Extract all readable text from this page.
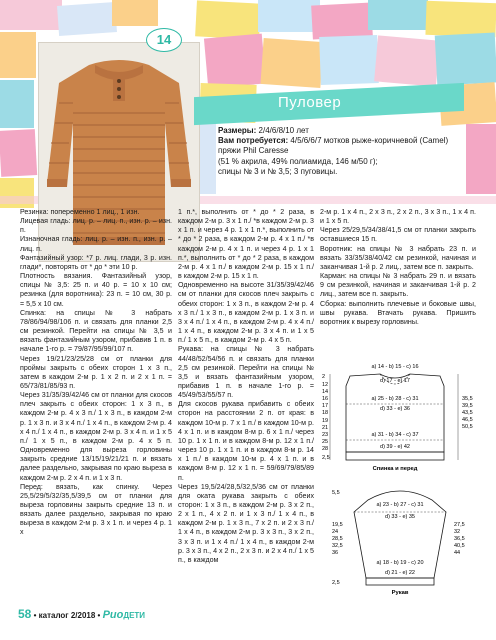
14
Пуловер
Размеры: 2/4/6/8/10 лет
Вам потребуется: 4/5/6/6/7 мотков рыже-коричневой (Camel) пряжи Phil Caresse
(51 % акрила, 49% полиамида, 146 м/50 г);
спицы № 3 и № 3,5; 3 пуговицы.

Резинка: попеременно 1 лиц., 1 изн.

Лицевая гладь: лиц. р. – лиц. п., изн. р. – изн. п.

Изнаночная гладь: лиц. р. – изн. п., изн. р. – лиц. п.

Фантазийный узор: *7 р. лиц. глади, 3 р. изн. глади*, повторять от * до * эти 10 р.

Плотность вязания. Фантазийный узор, спицы № 3,5: 25 п. и 40 р. = 10 х 10 см; резинка (для воротника): 23 п. = 10 см, 30 р. = 5,5 х 10 см.

Спинка: на спицы № 3 набрать 78/86/94/98/106 п. и связать для планки 2,5 см резинкой. Перейти на спицы № 3,5 и вязать фантазийным узором, прибавив 1 п. в начале 1-го р. = 79/87/95/99/107 п.

Через 19/21/23/25/28 см от планки для проймы закрыть с обеих сторон 1 х 3 п., затем в каждом 2-м р. 1 х 2 п. и 2 х 1 п. = 65/73/81/85/93 п.

Через 31/35/39/42/46 см от планки для скосов плеч закрыть с обеих сторон: 1 х 3 п., в каждом 2-м р. 4 х 3 п./ 1 х 3 п., в каждом 2-м р. 1 х 3 п. и 3 х 4 п./ 1 х 4 п., в каждом 2-м р. 4 х 4 п./ 1 х 4 п., в каждом 2-м р. 3 х 4 п. и 1 х 5 п./ 1 х 5 п., в каждом 2-м р. 4 х 5 п. Одновременно для выреза горловины закрыть средние 13/15/19/21/21 п. и вязать далее раздельно, закрывая по краю выреза в каждом 2-м р. 2 х 4 п. и 1 х 3 п.

Перед: вязать, как спинку. Через 25,5/29/5/32/35,5/39,5 см от планки для выреза горловины закрыть средние 13 п. и вязать далее раздельно, закрывая по краю выреза в каждом 2-м р. 3 х 1 п. и через 4 р. 1 х

1 п.*, выполнить от * до * 2 раза, в каждом 2-м р. 3 х 1 п./ *в каждом 2-м р. 3 х 1 п. и через 4 р. 1 х 1 п.*, выполнить от * до * 2 раза, в каждом 2-м р. 4 х 1 п./ *в каждом 2-м р. 4 х 1 п. и через 4 р. 1 х 1 п.*, выполнить от * до * 2 раза, в каждом 2-м р. 4 х 1 п./ в каждом 2-м р. 15 х 1 п./ в каждом 2-м р. 15 х 1 п.

Одновременно на высоте 31/35/39/42/46 см от планки для скосов плеч закрыть с обеих сторон: 1 х 3 п., в каждом 2-м р. 4 х 3 п./ 1 х 3 п., в каждом 2-м р. 1 х 3 п. и 3 х 4 п./ 1 х 4 п., в каждом 2-м р. 4 х 4 п./ 1 х 4 п., в каждом 2-м р. 3 х 4 п. и 1 х 5 п./ 1 х 5 п., в каждом 2-м р. 4 х 5 п.

Рукава: на спицы № 3 набрать 44/48/52/54/56 п. и связать для планки 2,5 см резинкой. Перейти на спицы № 3,5 и вязать фантазийным узором, прибавив 1 п. в начале 1-го р. = 45/49/53/55/57 п.

Для скосов рукава прибавить с обеих сторон на расстоянии 2 п. от края: в каждом 10-м р. 7 х 1 п./ в каждом 10-м р. 4 х 1 п. и в каждом 8-м р. 6 х 1 п./ через 10 р. 1 х 1 п. и в каждом 8-м р. 12 х 1 п./ через 10 р. 1 х 1 п. и в каждом 8-м р. 14 х 1 п./ в каждом 10-м р. 4 х 1 п. и в каждом 8-м р. 12 х 1 п. = 59/69/79/85/89 п.

Через 19,5/24/28,5/32,5/36 см от планки для оката рукава закрыть с обеих сторон: 1 х 3 п., в каждом 2-м р. 3 х 2 п., 2 х 1 п., 4 х 2 п. и 1 х 3 п./ 1 х 4 п., в каждом 2-м р. 1 х 3 п., 7 х 2 п. и 2 х 3 п./ 1 х 4 п., в каждом 2-м р. 3 х 3 п., 3 х 2 п., 3 х 3 п. и 1 х 4 п./ 1 х 4 п., в каждом 2-м р. 3 х 3 п., 4 х 2 п., 2 х 3 п. и 2 х 4 п./ 1 х 5 п., в каждом

2-м р. 1 х 4 п., 2 х 3 п., 2 х 2 п., 3 х 3 п., 1 х 4 п. и 1 х 5 п.

Через 25/29,5/34/38/41,5 см от планки закрыть оставшиеся 15 п.

Воротник: на спицы № 3 набрать 23 п. и вязать 33/35/38/40/42 см резинкой, начиная и заканчивая 1-й р. 2 лиц., затем все п. закрыть.

Карман: на спицы № 3 набрать 29 п. и вязать 9 см резинкой, начиная и заканчивая 1-й р. 2 лиц., затем все п. закрыть.

Сборка: выполнить плечевые и боковые швы, швы рукава. Втачать рукава. Пришить воротник к вырезу горловины.

a) 14 - b) 15 - c) 16
d) 17 - e) 17
a) 25 - b) 28 - c) 31
d) 33 - e) 36
a) 31 - b) 34 - c) 37
d) 39 - e) 42
2
12
14
16
17
18
19
21
23
25
28
2,5
35,5
39,5
43,5
46,5
50,5
Спинка и перед
5,5
a) 23 - b) 27 - c) 31
d) 33 - e) 35
a) 18 - b) 19 - c) 20
d) 21 - e) 22
19,5
24
28,5
32,5
36
2,5
27,5
32
36,5
40,5
44
Рукав
58 • каталог 2/2018 • РиоДЕТИ
